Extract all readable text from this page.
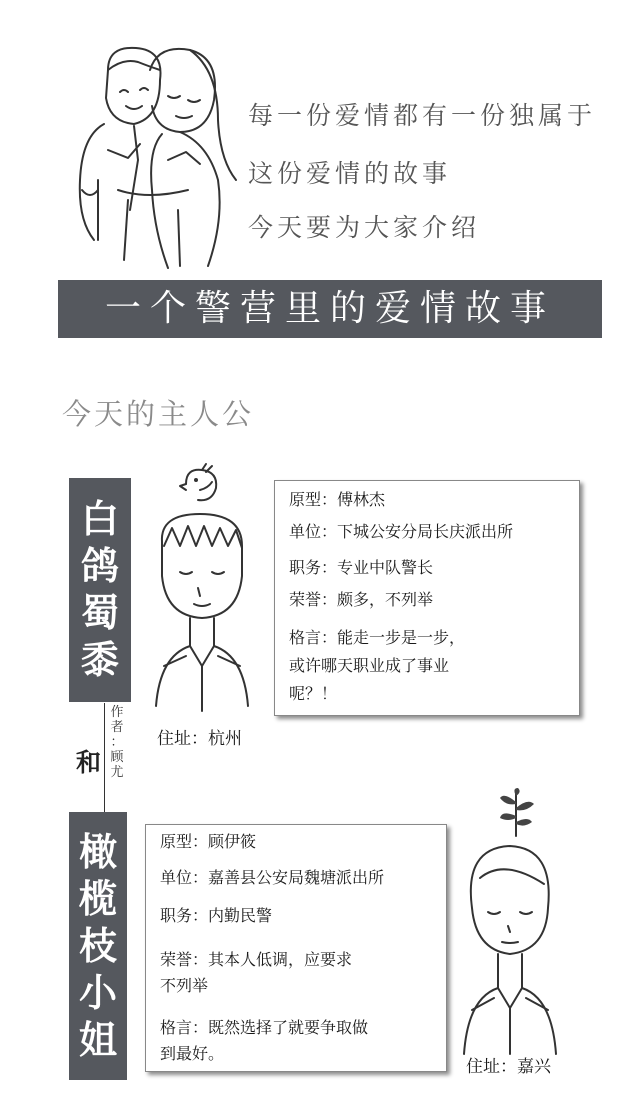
每一份爱情都有一份独属于
这份爱情的故事
今天要为大家介绍
一个警营里的爱情故事
今天的主人公
白
鸽
蜀
黍
原型：傅林杰
单位：下城公安分局长庆派出所
职务：专业中队警长
荣誉：颇多，不列举
格言：能走一步是一步，
或许哪天职业成了事业
呢？！
住址：杭州
作
者
：
顾
尤
和
橄
榄
枝
小
姐
原型：顾伊筱
单位：嘉善县公安局魏塘派出所
职务：内勤民警
荣誉：其本人低调，应要求
不列举
格言：既然选择了就要争取做
到最好。
住址：嘉兴
